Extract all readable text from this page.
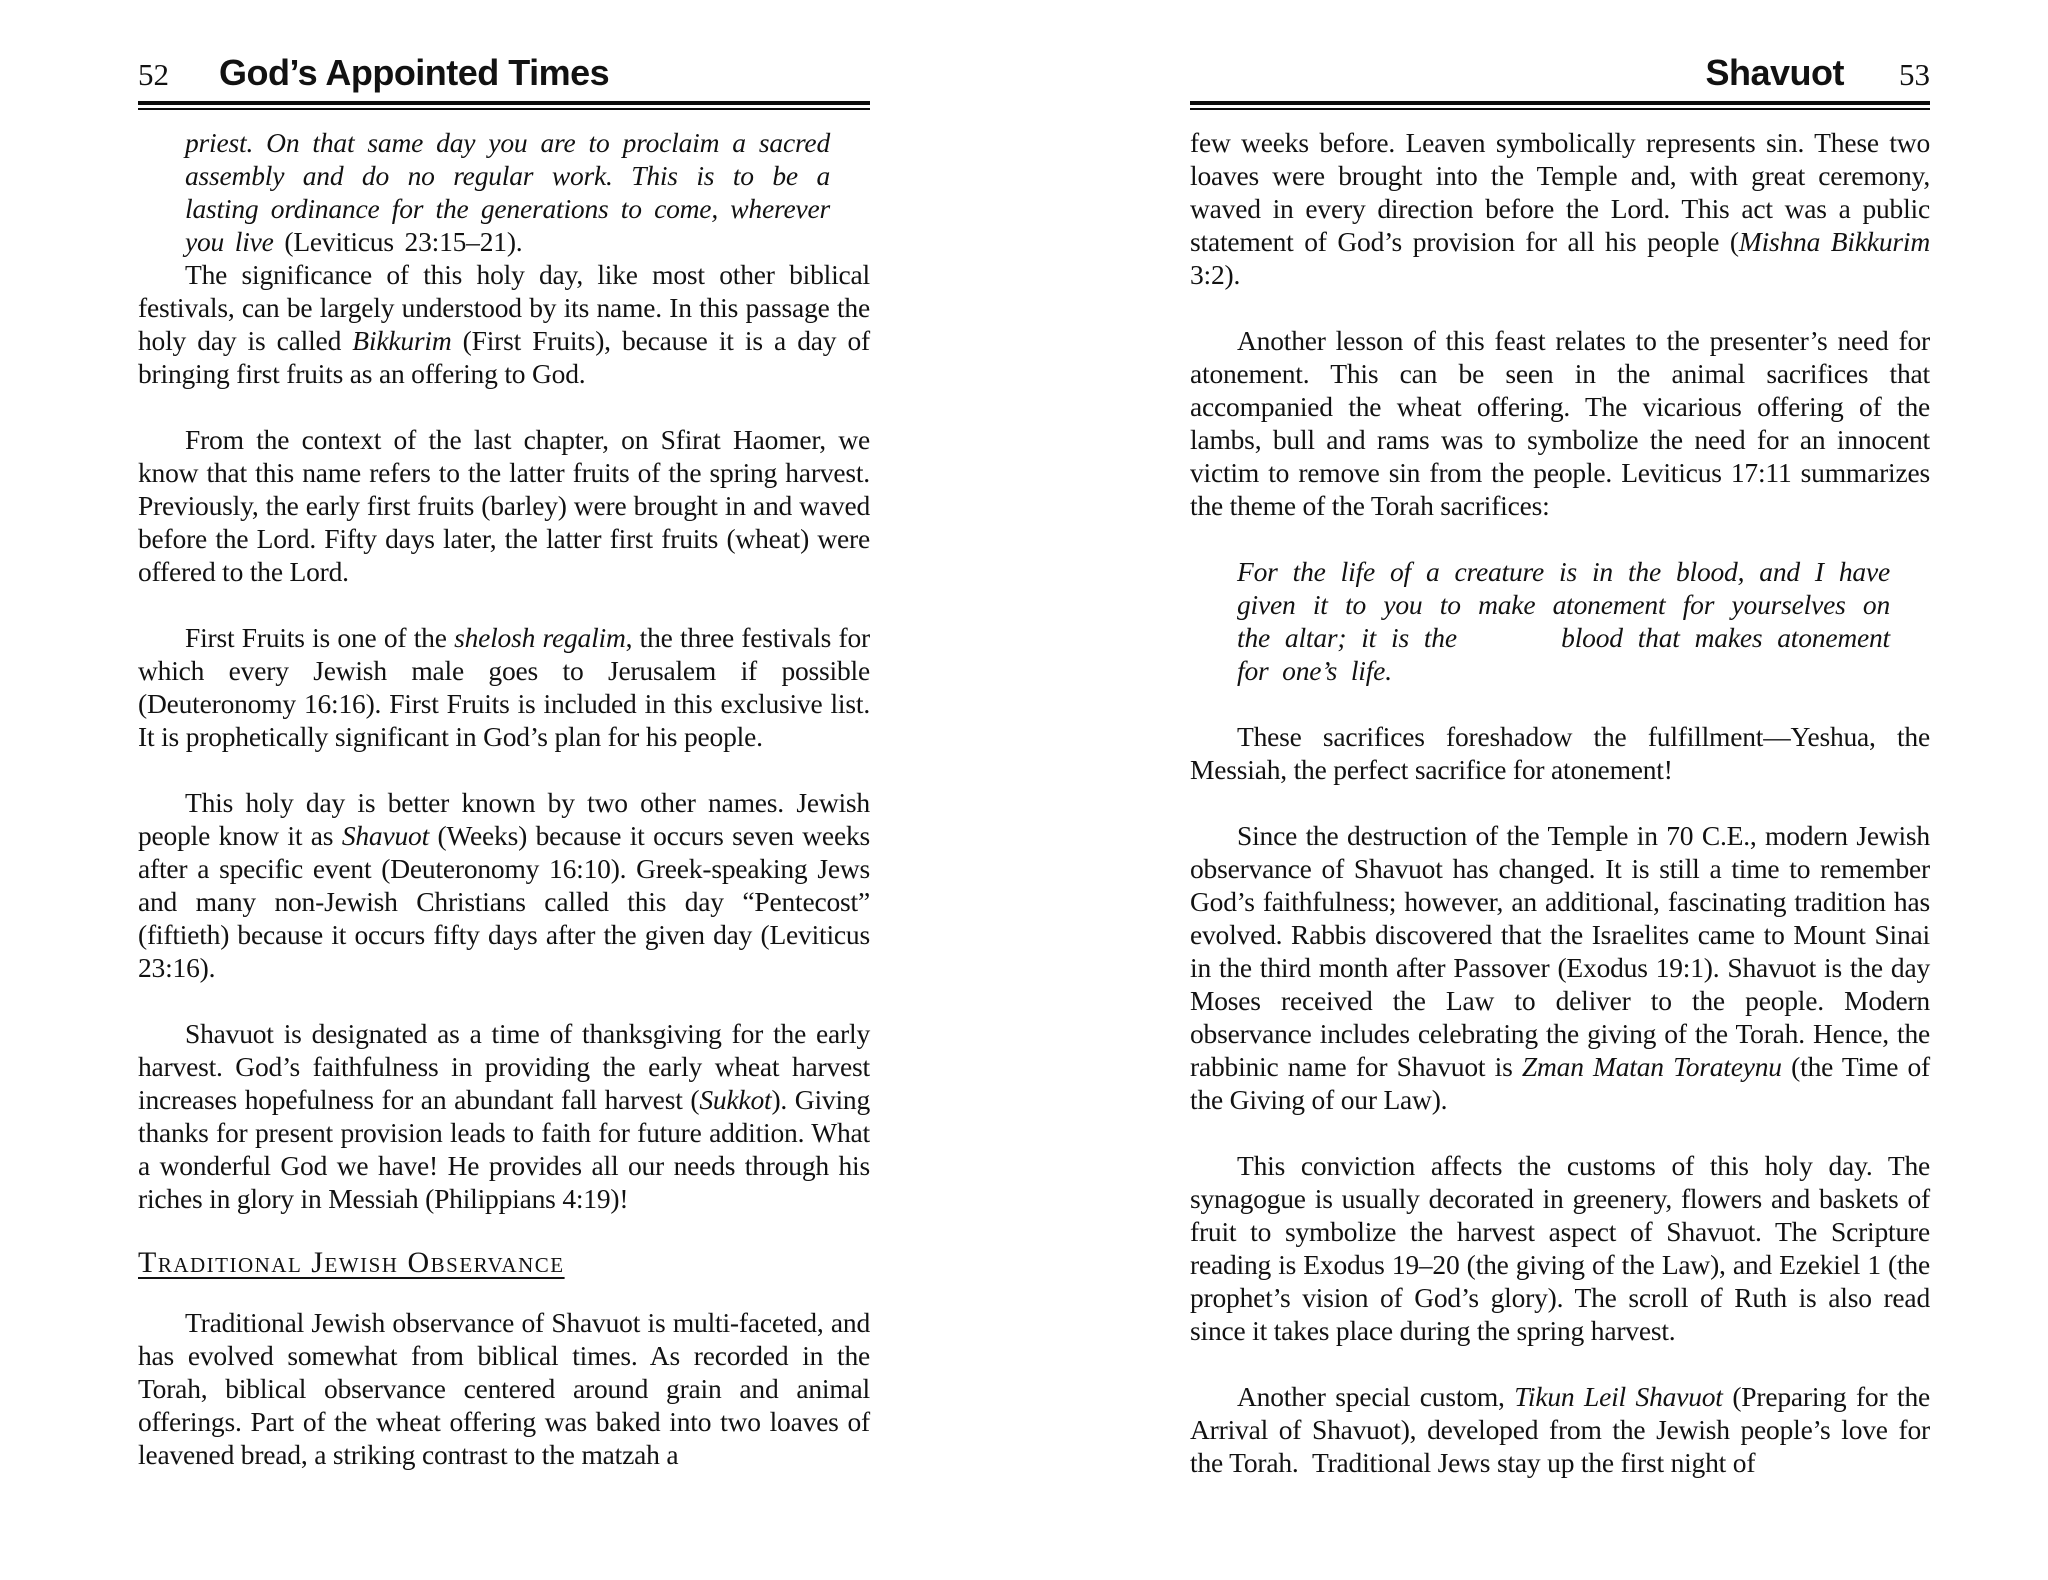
52 God’s Appointed Times
priest. On that same day you are to proclaim a sacred assembly and do no regular work. This is to be a lasting ordinance for the generations to come, wherever you live (Leviticus 23:15–21).

The significance of this holy day, like most other biblical festivals, can be largely understood by its name. In this passage the holy day is called Bikkurim (First Fruits), because it is a day of bringing first fruits as an offering to God.

From the context of the last chapter, on Sfirat Haomer, we know that this name refers to the latter fruits of the spring harvest. Previously, the early first fruits (barley) were brought in and waved before the Lord. Fifty days later, the latter first fruits (wheat) were offered to the Lord.

First Fruits is one of the shelosh regalim, the three festivals for which every Jewish male goes to Jerusalem if possible (Deuteronomy 16:16). First Fruits is included in this exclusive list. It is prophetically significant in God’s plan for his people.

This holy day is better known by two other names. Jewish people know it as Shavuot (Weeks) because it occurs seven weeks after a specific event (Deuteronomy 16:10). Greek-speaking Jews and many non-Jewish Christians called this day “Pentecost” (fiftieth) because it occurs fifty days after the given day (Leviticus 23:16).

Shavuot is designated as a time of thanksgiving for the early harvest. God’s faithfulness in providing the early wheat harvest increases hopefulness for an abundant fall harvest (Sukkot). Giving thanks for present provision leads to faith for future addition. What a wonderful God we have! He provides all our needs through his riches in glory in Messiah (Philippians 4:19)!

Traditional Jewish Observance

Traditional Jewish observance of Shavuot is multi-faceted, and has evolved somewhat from biblical times. As recorded in the Torah, biblical observance centered around grain and animal offerings. Part of the wheat offering was baked into two loaves of leavened bread, a striking contrast to the matzah a

Shavuot 53

few weeks before. Leaven symbolically represents sin. These two loaves were brought into the Temple and, with great ceremony, waved in every direction before the Lord. This act was a public statement of God’s provision for all his people (Mishna Bikkurim 3:2).

Another lesson of this feast relates to the presenter’s need for atonement. This can be seen in the animal sacrifices that accompanied the wheat offering. The vicarious offering of the lambs, bull and rams was to symbolize the need for an innocent victim to remove sin from the people. Leviticus 17:11 summarizes the theme of the Torah sacrifices:

For the life of a creature is in the blood, and I have given it to you to make atonement for yourselves on the altar; it is the       blood that makes atonement for one’s life.

These sacrifices foreshadow the fulfillment—Yeshua, the Messiah, the perfect sacrifice for atonement!

Since the destruction of the Temple in 70 C.E., modern Jewish observance of Shavuot has changed. It is still a time to remember God’s faithfulness; however, an additional, fascinating tradition has evolved. Rabbis discovered that the Israelites came to Mount Sinai in the third month after Passover (Exodus 19:1). Shavuot is the day Moses received the Law to deliver to the people. Modern observance includes celebrating the giving of the Torah. Hence, the rabbinic name for Shavuot is Zman Matan Torateynu (the Time of the Giving of our Law).

This conviction affects the customs of this holy day. The synagogue is usually decorated in greenery, flowers and baskets of fruit to symbolize the harvest aspect of Shavuot. The Scripture reading is Exodus 19–20 (the giving of the Law), and Ezekiel 1 (the prophet’s vision of God’s glory). The scroll of Ruth is also read since it takes place during the spring harvest.

Another special custom, Tikun Leil Shavuot (Preparing for the Arrival of Shavuot), developed from the Jewish people’s love for the Torah.  Traditional Jews stay up the first night of
